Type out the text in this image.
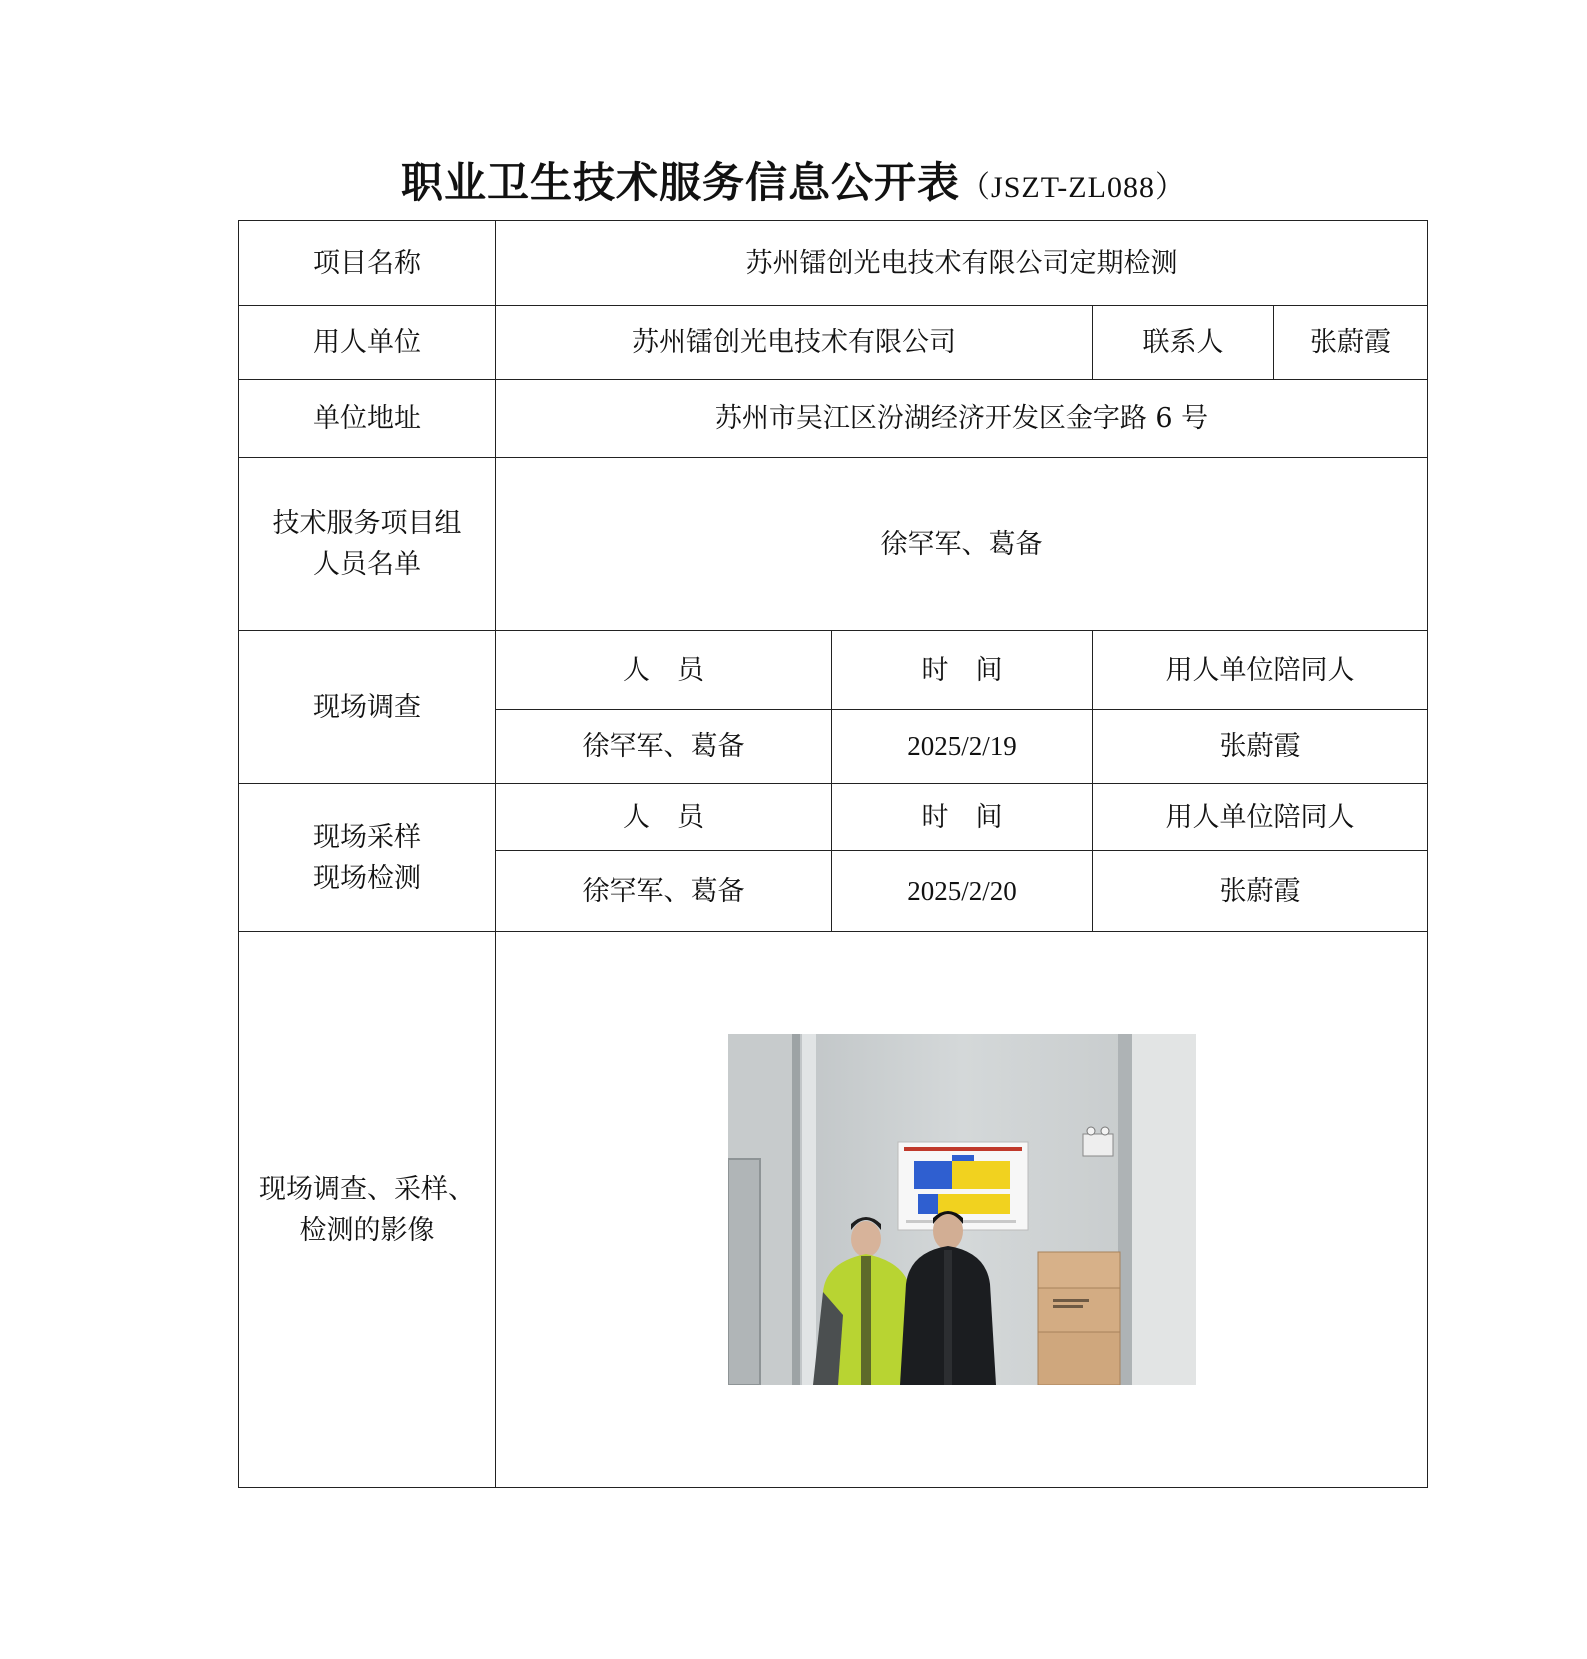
职业卫生技术服务信息公开表（JSZT-ZL088）
项目名称	苏州镭创光电技术有限公司定期检测			
用人单位	苏州镭创光电技术有限公司		联系人	张蔚霞
单位地址	苏州市吴江区汾湖经济开发区金字路 6 号			

技术服务项目组
人员名单	徐罕军、葛备			
现场调查	人　员	时　间	用人单位陪同人	
	徐罕军、葛备	2025/2/19	张蔚霞	

现场采样
现场检测	人　员	时　间	用人单位陪同人	
	徐罕军、葛备	2025/2/20	张蔚霞	

现场调查、采样、
检测的影像
